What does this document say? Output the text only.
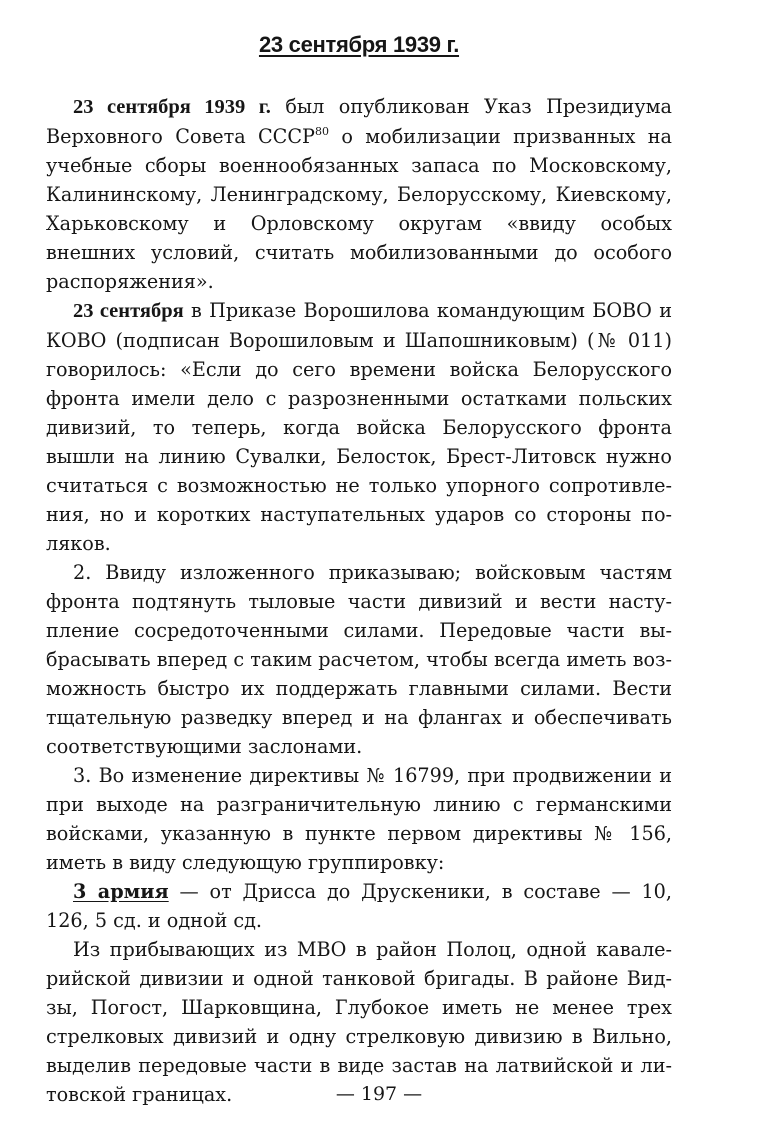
23 сентября 1939 г.

23 сентября 1939 г. был опубликован Указ Президиума Верховного Совета СССР$^{80}$ о мобилизации призванных на учебные сборы военнообязанных запаса по Московскому, Калининскому, Ленинградскому, Белорусскому, Киевскому, Харьковскому и Орловскому округам «ввиду особых внешних условий, считать мобилизованными до особого распоряжения».

23 сентября в Приказе Ворошилова командующим БОВО и КОВО (подписан Ворошиловым и Шапошниковым) (№ 011) говорилось: «Если до сего времени войска Белорусского фронта имели дело с разрозненными остатками польских дивизий, то теперь, когда войска Белорусского фронта вышли на линию Сувалки, Белосток, Брест-Литовск нужно считаться с возможностью не только упорного сопротивления, но и коротких наступательных ударов со стороны поляков.

2. Ввиду изложенного приказываю; войсковым частям фронта подтянуть тыловые части дивизий и вести наступление сосредоточенными силами. Передовые части выбрасывать вперед с таким расчетом, чтобы всегда иметь возможность быстро их поддержать главными силами. Вести тщательную разведку вперед и на флангах и обеспечивать соответствующими заслонами.

3. Во изменение директивы № 16799, при продвижении и при выходе на разграничительную линию с германскими войсками, указанную в пункте первом директивы № 156, иметь в виду следующую группировку:

3 армия — от Дрисса до Друскеники, в составе — 10, 126, 5 сд. и одной сд.

Из прибывающих из МВО в район Полоц, одной кавалерийской дивизии и одной танковой бригады. В районе Видзы, Погост, Шарковщина, Глубокое иметь не менее трех стрелковых дивизий и одну стрелковую дивизию в Вильно, выделив передовые части в виде застав на латвийской и литовской границах.	— 197 —
